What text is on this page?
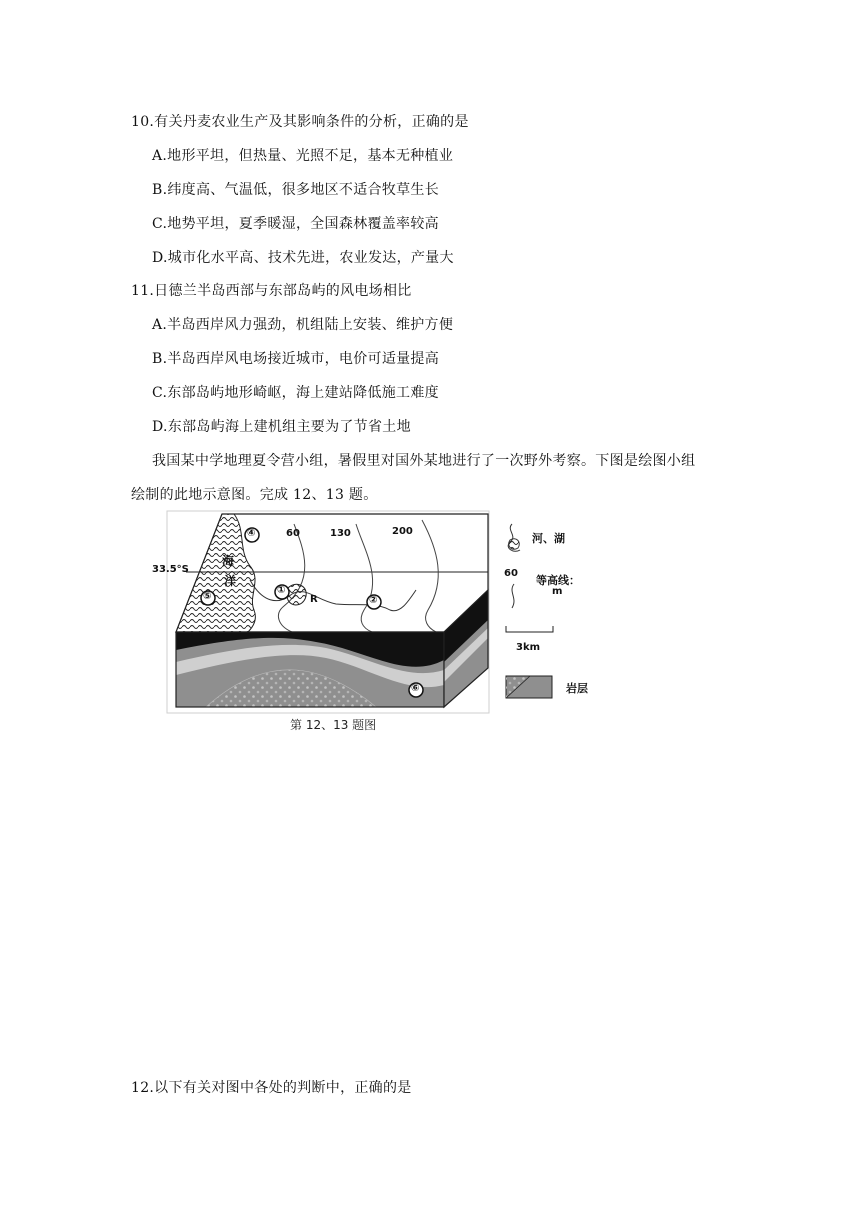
10.有关丹麦农业生产及其影响条件的分析，正确的是
A.地形平坦，但热量、光照不足，基本无种植业
B.纬度高、气温低，很多地区不适合牧草生长
C.地势平坦，夏季暖湿，全国森林覆盖率较高
D.城市化水平高、技术先进，农业发达，产量大
11.日德兰半岛西部与东部岛屿的风电场相比
A.半岛西岸风力强劲，机组陆上安装、维护方便
B.半岛西岸风电场接近城市，电价可适量提高
C.东部岛屿地形崎岖，海上建站降低施工难度
D.东部岛屿海上建机组主要为了节省土地
我国某中学地理夏令营小组，暑假里对国外某地进行了一次野外考察。下图是绘图小组
绘制的此地示意图。完成 12、13 题。
33.5°S
海
洋
60	130	200
④
①
②
⑤
⑥
R
河、湖
60
等高线：
m
3km
岩层
第 12、13 题图
12.以下有关对图中各处的判断中，正确的是
